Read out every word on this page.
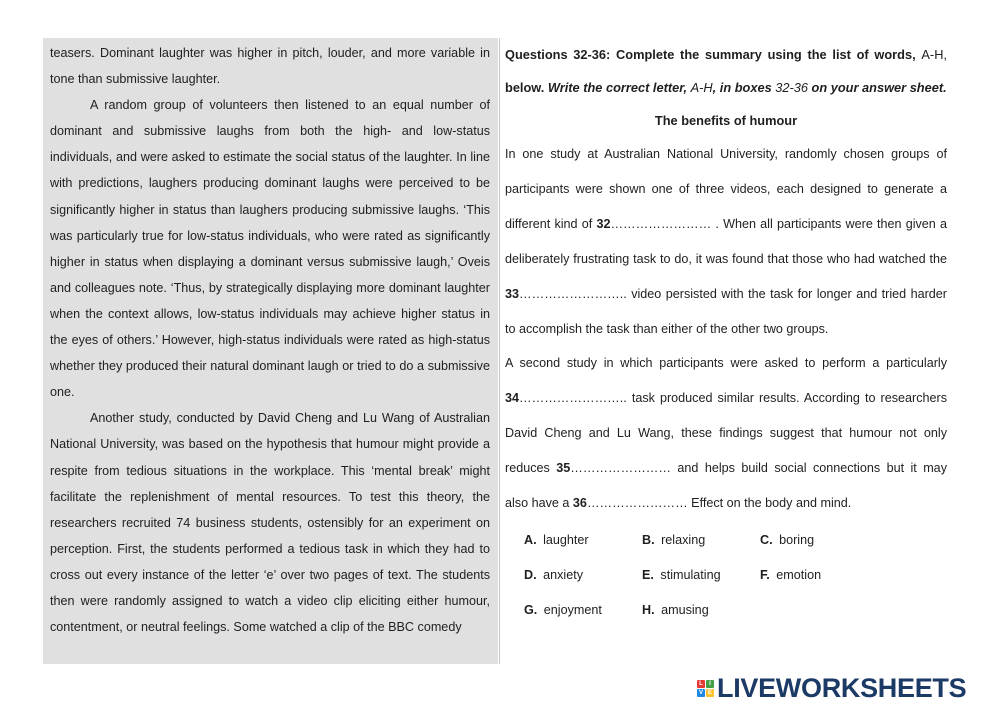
teasers. Dominant laughter was higher in pitch, louder, and more variable in tone than submissive laughter.

A random group of volunteers then listened to an equal number of dominant and submissive laughs from both the high- and low-status individuals, and were asked to estimate the social status of the laughter. In line with predictions, laughers producing dominant laughs were perceived to be significantly higher in status than laughers producing submissive laughs. ‘This was particularly true for low-status individuals, who were rated as significantly higher in status when displaying a dominant versus submissive laugh,’ Oveis and colleagues note. ‘Thus, by strategically displaying more dominant laughter when the context allows, low-status individuals may achieve higher status in the eyes of others.’ However, high-status individuals were rated as high-status whether they produced their natural dominant laugh or tried to do a submissive one.

Another study, conducted by David Cheng and Lu Wang of Australian National University, was based on the hypothesis that humour might provide a respite from tedious situations in the workplace. This ‘mental break’ might facilitate the replenishment of mental resources. To test this theory, the researchers recruited 74 business students, ostensibly for an experiment on perception. First, the students performed a tedious task in which they had to cross out every instance of the letter ‘e’ over two pages of text. The students then were randomly assigned to watch a video clip eliciting either humour, contentment, or neutral feelings. Some watched a clip of the BBC comedy

Questions 32-36: Complete the summary using the list of words, A-H, below. Write the correct letter, A-H, in boxes 32-36 on your answer sheet.

The benefits of humour

In one study at Australian National University, randomly chosen groups of participants were shown one of three videos, each designed to generate a different kind of 32…………………… . When all participants were then given a deliberately frustrating task to do, it was found that those who had watched the 33…………………….. video persisted with the task for longer and tried harder to accomplish the task than either of the other two groups.

A second study in which participants were asked to perform a particularly 34…………………….. task produced similar results. According to researchers David Cheng and Lu Wang, these findings suggest that humour not only reduces 35…………………… and helps build social connections but it may also have a 36…………………… Effect on the body and mind.

A. laughter	B. relaxing	C. boring
D. anxiety	E. stimulating	F. emotion
G. enjoyment	H. amusing
L	I
V E LIVEWORKSHEETS
